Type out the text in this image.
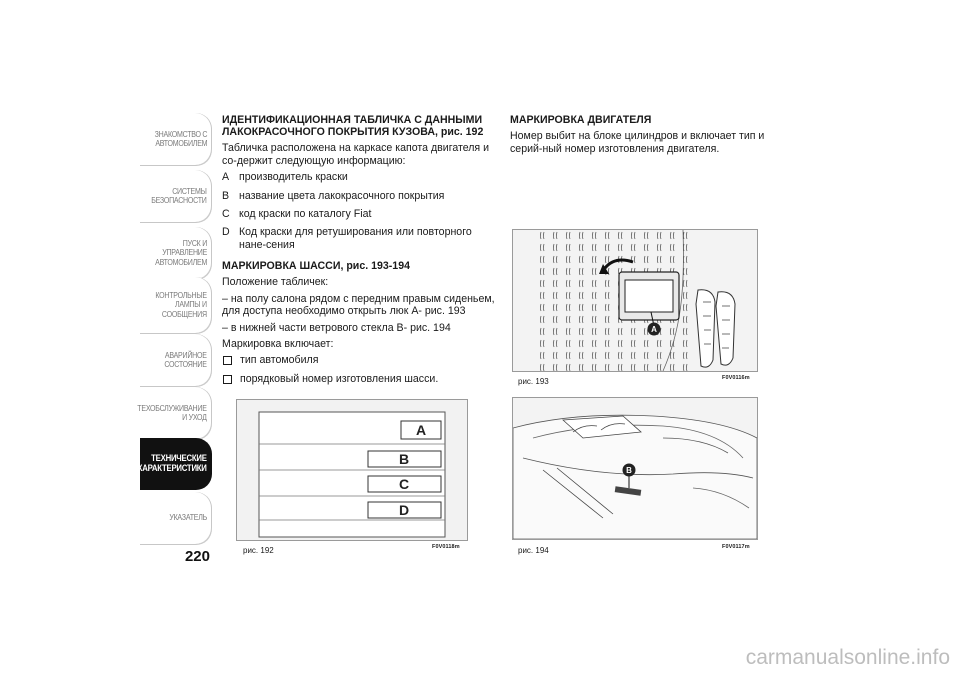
ЗНАКОМСТВО С
АВТОМОБИЛЕМ
СИСТЕМЫ
БЕЗОПАСНОСТИ
ПУСК И УПРАВЛЕНИЕ
АВТОМОБИЛЕМ
КОНТРОЛЬНЫЕ
ЛАМПЫ И
СООБЩЕНИЯ
АВАРИЙНОЕ
СОСТОЯНИЕ
ТЕХОБСЛУЖИВАНИЕ
И УХОД
ТЕХНИЧЕСКИЕ
ХАРАКТЕРИСТИКИ
УКАЗАТЕЛЬ
220
ИДЕНТИФИКАЦИОННАЯ ТАБЛИЧКА С ДАННЫМИ ЛАКОКРАСОЧНОГО ПОКРЫТИЯ КУЗОВА, рис. 192
Табличка расположена на каркасе капота двигателя и со-держит следующую информацию:
A производитель краски
B название цвета лакокрасочного покрытия
C код краски по каталогу Fiat
D Код краски для ретуширования или повторного нане-сения
МАРКИРОВКА ШАССИ, рис. 193-194
Положение табличек:
– на полу салона рядом с передним правым сиденьем, для доступа необходимо открыть люк A- рис. 193
– в нижней части ветрового стекла B- рис. 194
Маркировка включает:
тип автомобиля
порядковый номер изготовления шасси.
МАРКИРОВКА ДВИГАТЕЛЯ
Номер выбит на блоке цилиндров и включает тип и серий-ный номер изготовления двигателя.
A
B
C
D
рис. 192	F0V0118m
A
рис. 193	F0V0116m
B
рис. 194	F0V0117m
carmanualsonline.info
